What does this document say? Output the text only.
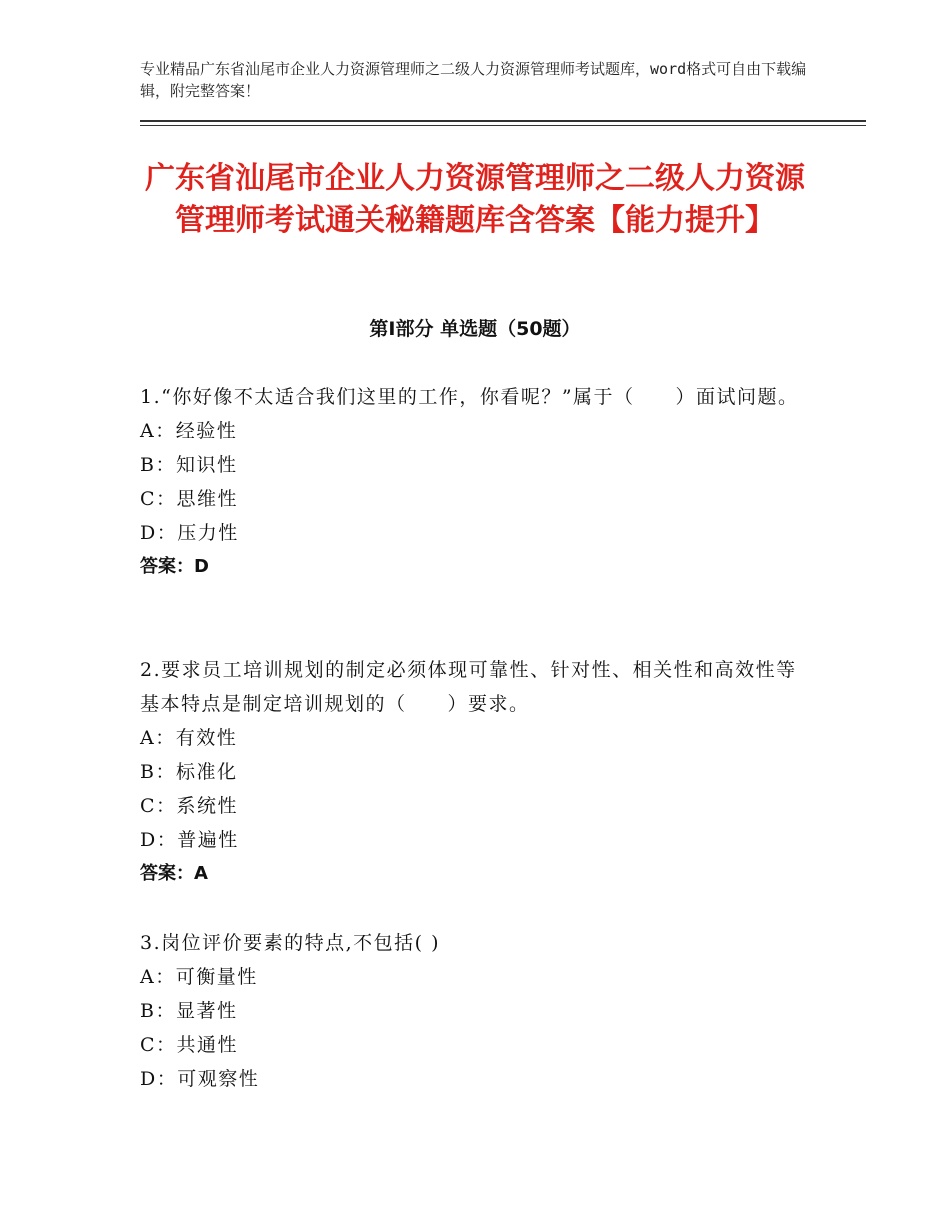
专业精品广东省汕尾市企业人力资源管理师之二级人力资源管理师考试题库，word格式可自由下载编辑，附完整答案！
广东省汕尾市企业人力资源管理师之二级人力资源管理师考试通关秘籍题库含答案【能力提升】
第Ⅰ部分 单选题（50题）
1.“你好像不太适合我们这里的工作，你看呢？”属于（　　）面试问题。
A：经验性
B：知识性
C：思维性
D：压力性
答案：D
2.要求员工培训规划的制定必须体现可靠性、针对性、相关性和高效性等基本特点是制定培训规划的（　　）要求。
A：有效性
B：标准化
C：系统性
D：普遍性
答案：A
3.岗位评价要素的特点,不包括( )
A：可衡量性
B：显著性
C：共通性
D：可观察性
